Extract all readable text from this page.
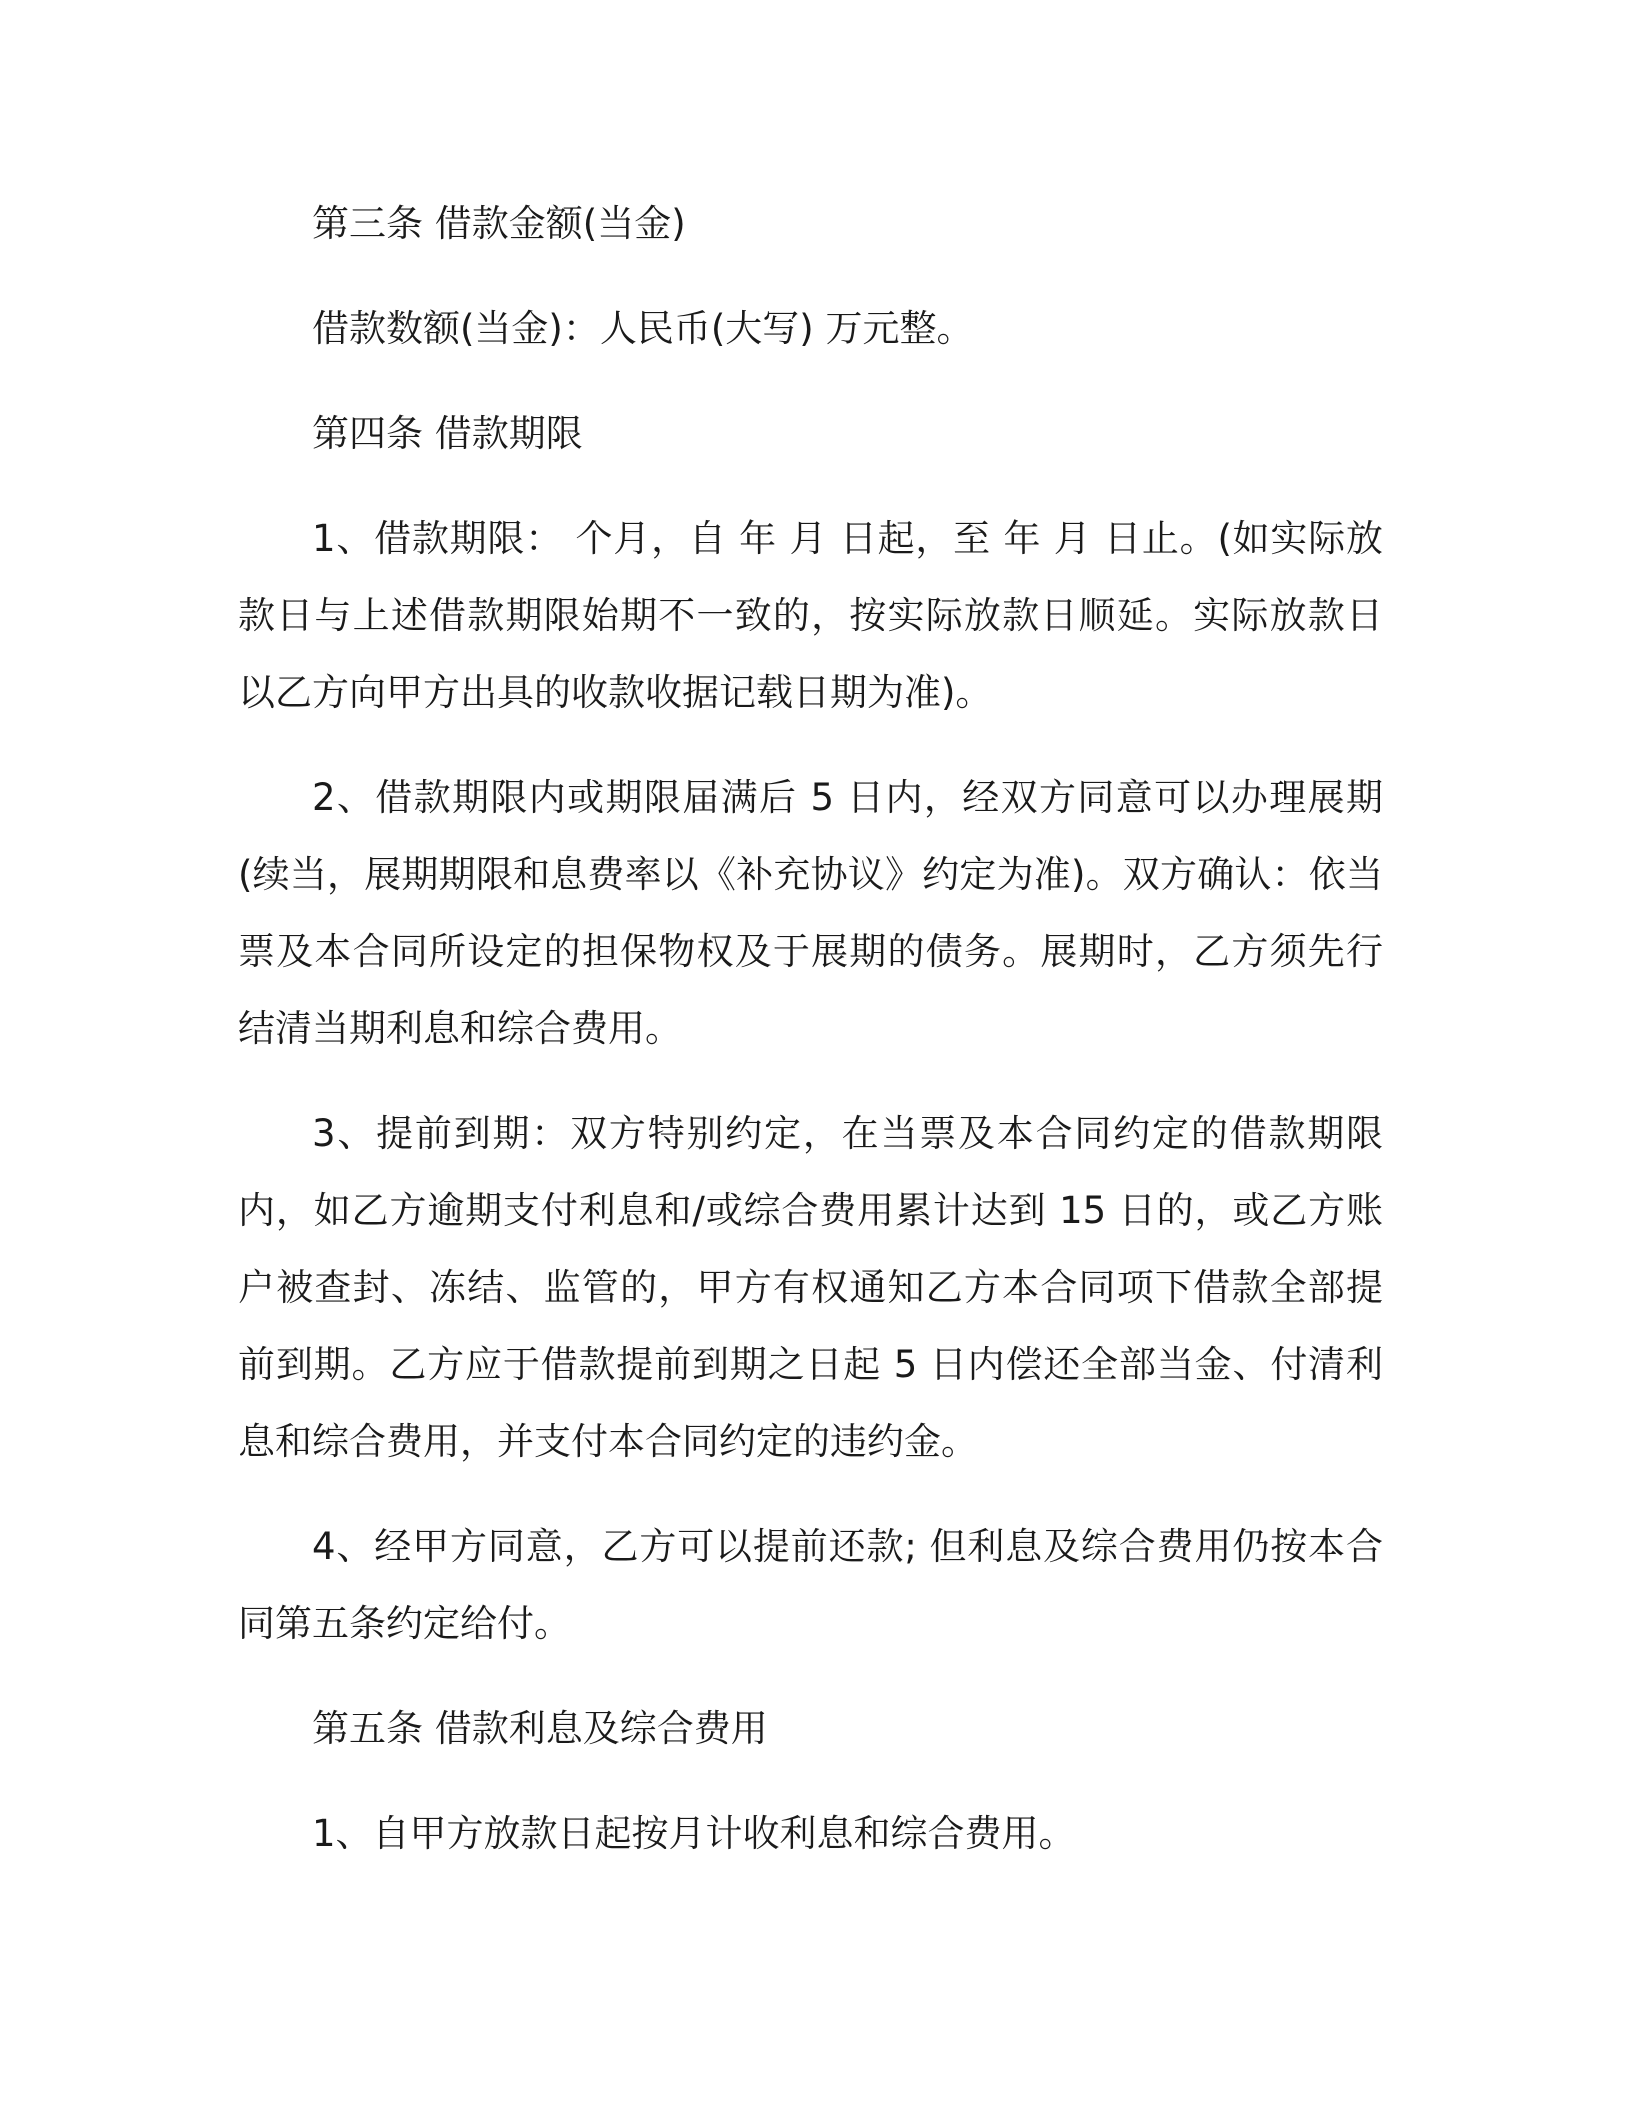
第三条 借款金额(当金)

借款数额(当金)：人民币(大写) 万元整。

第四条 借款期限

1、借款期限： 个月，自 年 月 日起，至 年 月 日止。(如实际放款日与上述借款期限始期不一致的，按实际放款日顺延。实际放款日以乙方向甲方出具的收款收据记载日期为准)。

2、借款期限内或期限届满后 5 日内，经双方同意可以办理展期(续当，展期期限和息费率以《补充协议》约定为准)。双方确认：依当票及本合同所设定的担保物权及于展期的债务。展期时，乙方须先行结清当期利息和综合费用。

3、提前到期：双方特别约定，在当票及本合同约定的借款期限内，如乙方逾期支付利息和/或综合费用累计达到 15 日的，或乙方账户被查封、冻结、监管的，甲方有权通知乙方本合同项下借款全部提前到期。乙方应于借款提前到期之日起 5 日内偿还全部当金、付清利息和综合费用，并支付本合同约定的违约金。

4、经甲方同意，乙方可以提前还款; 但利息及综合费用仍按本合同第五条约定给付。

第五条 借款利息及综合费用

1、自甲方放款日起按月计收利息和综合费用。
